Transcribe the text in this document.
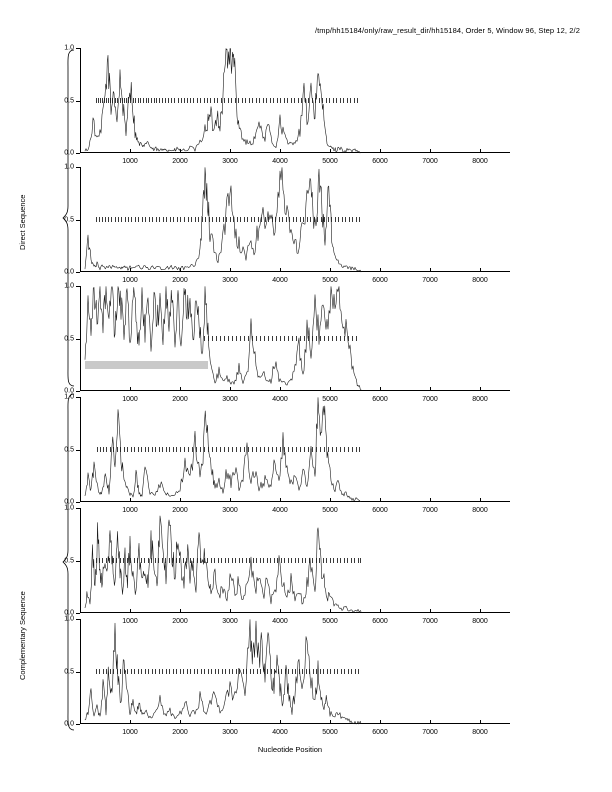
/tmp/hh15184/only/raw_result_dir/hh15184, Order 5, Window 96, Step 12, 2/2
Direct Sequence
Complementary Sequence
Nucleotide Position
0.0
0.5
1.0
1000	2000	3000	4000	5000	6000	7000	8000
0.0
0.5
1.0
1000	2000	3000	4000	5000	6000	7000	8000
0.0
0.5
1.0
1000	2000	3000	4000	5000	6000	7000	8000
0.0
0.5
1.0
1000	2000	3000	4000	5000	6000	7000	8000
0.0
0.5
1.0
1000	2000	3000	4000	5000	6000	7000	8000
0.0
0.5
1.0
1000	2000	3000	4000	5000	6000	7000	8000
